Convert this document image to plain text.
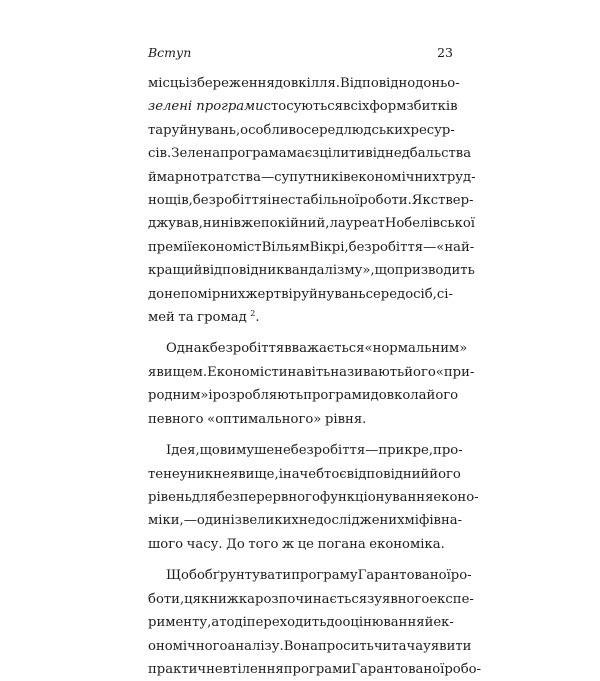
Вступ	23
місць і збереження довкілля. Відповідно до ньо-
зелені програми стосуються всіх форм збитків
та руйнувань, особливо серед людських ресур-
сів. Зелена програма має зцілити від недбальства
й марнотратства — супутників економічних труд-
нощів, безробіття і нестабільної роботи. Як ствер-
джував, нині вже покійний, лауреат Нобелівської
премії економіст Вільям Вікрі, безробіття — «най-
кращий відповідник вандалізму», що призводить
до непомірних жертв і руйнувань серед осіб, сі-
мей та громад $^2$.
Однак безробіття вважається «нормальним»
явищем. Економісти навіть називають його «при-
родним» і розробляють програми довкола його
певного «оптимального» рівня.
Ідея, що вимушене безробіття — прикре, про-
те неуникне явище, і начебто є відповідний його
рівень для безперервного функціонування еконо-
міки, — один із великих недосліджених міфів на-
шого часу. До того ж це погана економіка.
Щоб обґрунтувати програму Гарантованої ро-
боти, ця книжка розпочинається з уявного експе-
рименту, а тоді переходить до оцінювання й ек-
ономічного аналізу. Вона просить читача уявити
практичне втілення програми Гарантованої робо-
